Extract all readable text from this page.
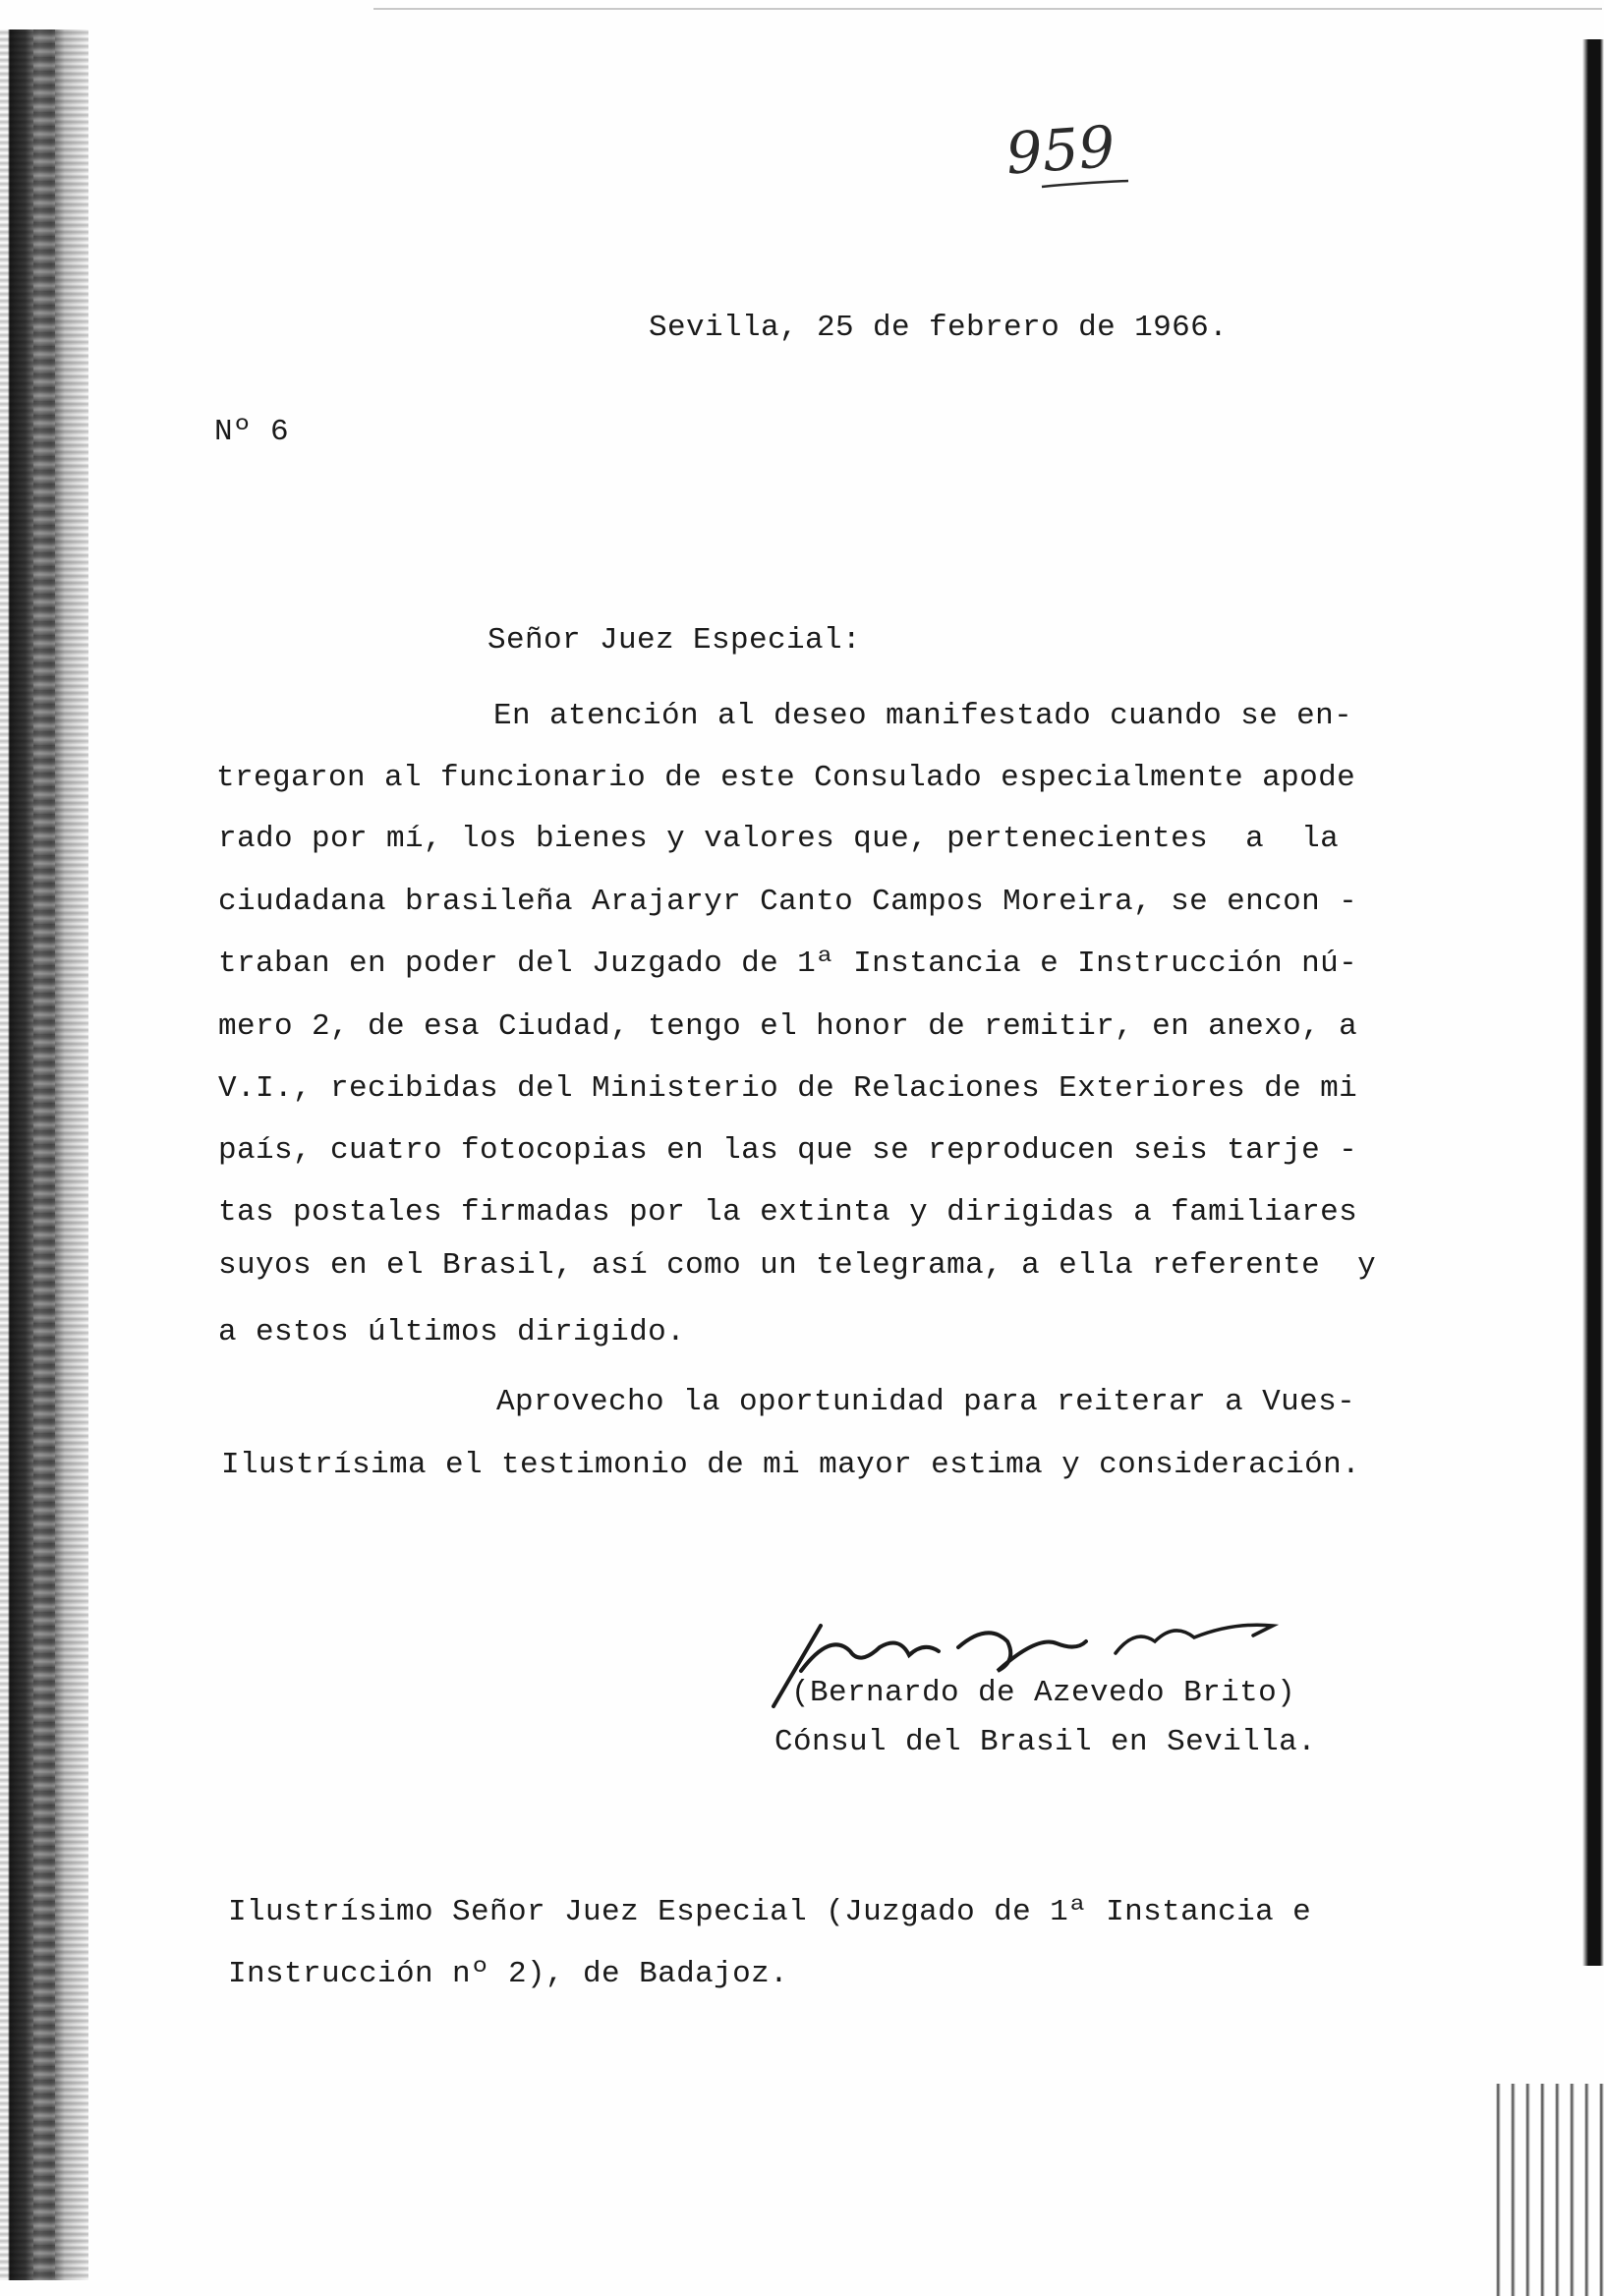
959
Sevilla, 25 de febrero de 1966.
Nº 6
Señor Juez Especial:
En atención al deseo manifestado cuando se en-
tregaron al funcionario de este Consulado especialmente apode
rado por mí, los bienes y valores que, pertenecientes  a  la
ciudadana brasileña Arajaryr Canto Campos Moreira, se encon -
traban en poder del Juzgado de 1ª Instancia e Instrucción nú-
mero 2, de esa Ciudad, tengo el honor de remitir, en anexo, a
V.I., recibidas del Ministerio de Relaciones Exteriores de mi
país, cuatro fotocopias en las que se reproducen seis tarje -
tas postales firmadas por la extinta y dirigidas a familiares
suyos en el Brasil, así como un telegrama, a ella referente  y
a estos últimos dirigido.
Aprovecho la oportunidad para reiterar a Vues-
Ilustrísima el testimonio de mi mayor estima y consideración.
(Bernardo de Azevedo Brito)
Cónsul del Brasil en Sevilla.
Ilustrísimo Señor Juez Especial (Juzgado de 1ª Instancia e
Instrucción nº 2), de Badajoz.
